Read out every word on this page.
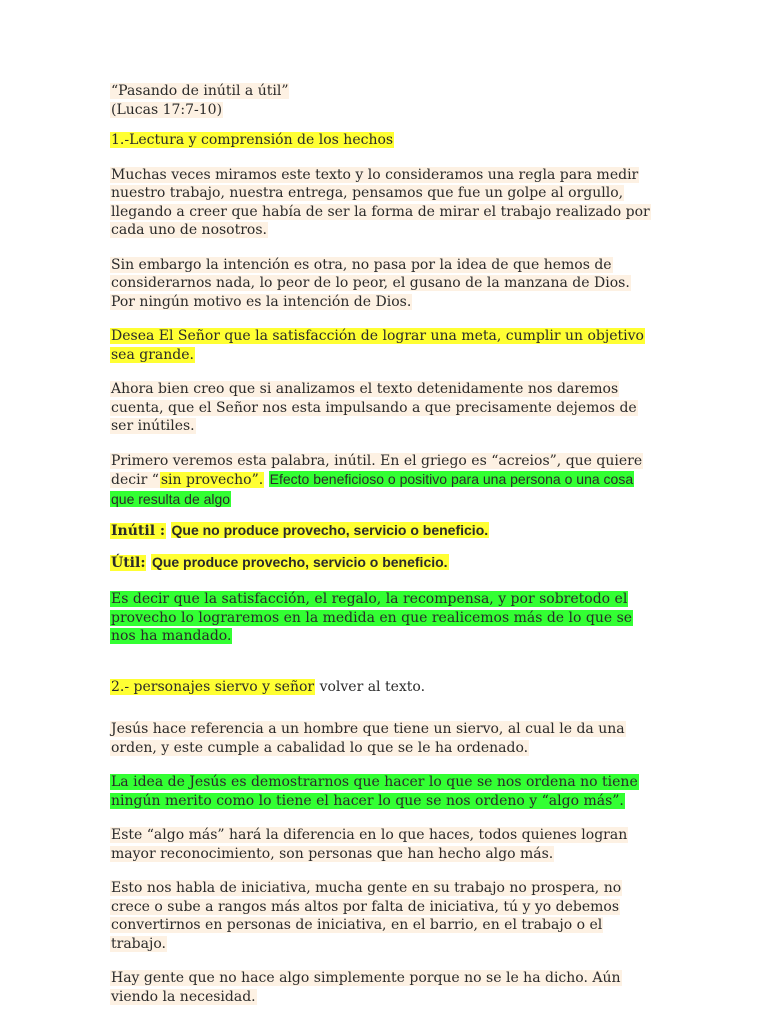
“Pasando de inútil a útil”

(Lucas 17:7-10)

1.-Lectura y comprensión de los hechos

Muchas veces miramos este texto y lo consideramos una regla para medir nuestro trabajo, nuestra entrega, pensamos que fue un golpe al orgullo, llegando a creer que había de ser la forma de mirar el trabajo realizado por cada uno de nosotros.

Sin embargo la intención es otra, no pasa por la idea de que hemos de considerarnos nada, lo peor de lo peor, el gusano de la manzana de Dios. Por ningún motivo es la intención de Dios.

Desea El Señor que la satisfacción de lograr una meta, cumplir un objetivo sea grande.

Ahora bien creo que si analizamos el texto detenidamente nos daremos cuenta, que el Señor nos esta impulsando a que precisamente dejemos de ser inútiles.

Primero veremos esta palabra, inútil. En el griego es “acreios”, que quiere decir “ sin provecho”. Efecto beneficioso o positivo para una persona o una cosa que resulta de algo

Inútil : Que no produce provecho, servicio o beneficio.

Útil: Que produce provecho, servicio o beneficio.

Es decir que la satisfacción, el regalo, la recompensa, y por sobretodo el provecho lo lograremos en la medida en que realicemos más de lo que se nos ha mandado.

2.- personajes siervo y señor volver al texto.

Jesús hace referencia a un hombre que tiene un siervo, al cual le da una orden, y este cumple a cabalidad lo que se le ha ordenado.

La idea de Jesús es demostrarnos que hacer lo que se nos ordena no tiene ningún merito como lo tiene el hacer lo que se nos ordeno y “algo más”.

Este “algo más” hará la diferencia en lo que haces, todos quienes logran mayor reconocimiento, son personas que han hecho algo más.

Esto nos habla de iniciativa, mucha gente en su trabajo no prospera, no crece o sube a rangos más altos por falta de iniciativa, tú y yo debemos convertirnos en personas de iniciativa, en el barrio, en el trabajo o el trabajo.

Hay gente que no hace algo simplemente porque no se le ha dicho. Aún viendo la necesidad.
